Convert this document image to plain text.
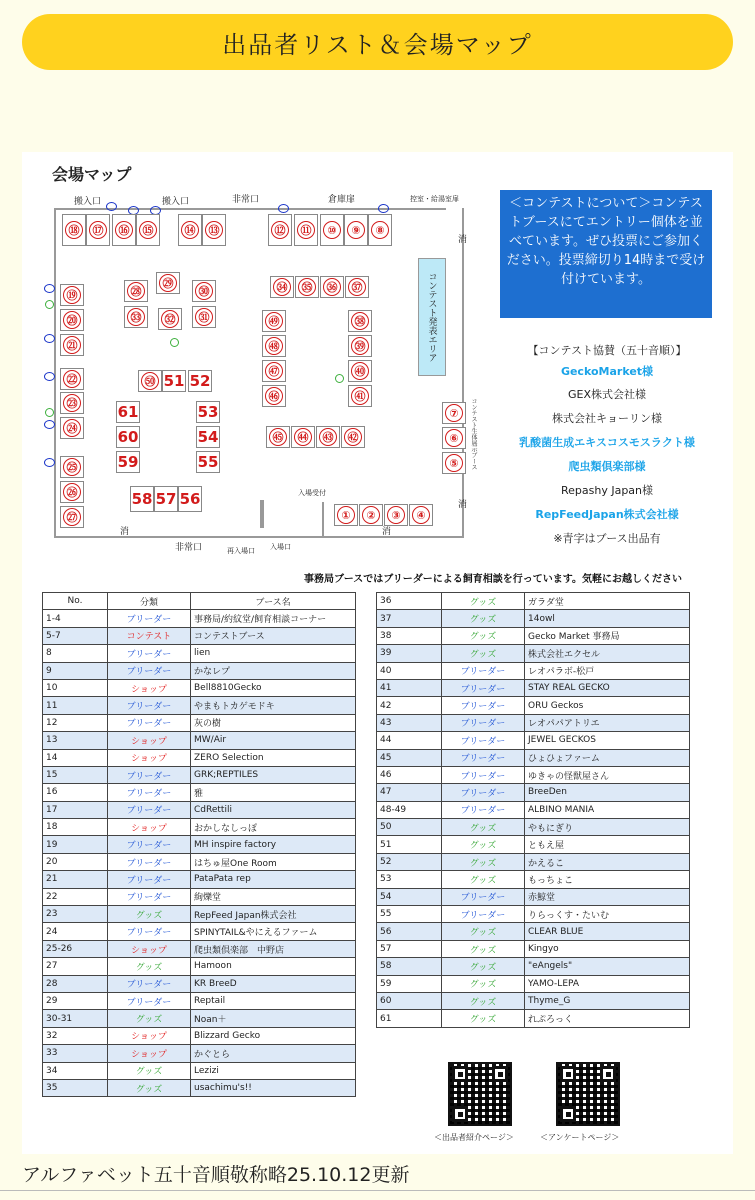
出品者リスト＆会場マップ
会場マップ
搬入口	搬入口	非常口	倉庫扉	控室・給湯室扉
非常口	再入場口 入場口
入場受付
消
消
消	消
コンテスト発表エリア
コンテスト生体展示ブース
⑱	⑰	⑯	⑮	⑭	⑬	⑫	⑪	⑩	⑨	⑧
⑲
⑳
㉑
㉒
㉓
㉔
㉕
㉖
㉗
㉘
㉙
㉚
㉝	㉜	㉛
㉞	㉟	㊱	㊲
㊾
㊽
㊼
㊻
㊳
㊴
㊵
㊶
㊿ 51 52
61
60
59
53
54
55
58 57 56
㊺	㊹	㊸	㊷
⑦
⑥
⑤
①	②	③	④
＜コンテストについて＞コンテストブースにてエントリー個体を並べています。ぜひ投票にご参加ください。投票締切り14時まで受け付けています。
【コンテスト協賛（五十音順）】
GeckoMarket様
GEX株式会社様
株式会社キョーリン様
乳酸菌生成エキスコスモスラクト様
爬虫類倶楽部様
Repashy Japan様
RepFeedJapan株式会社様
※青字はブース出品有
事務局ブースではブリーダーによる飼育相談を行っています。気軽にお越しください
No.	分類	ブース名
1-4	ブリーダー	事務局/約紋堂/飼育相談コーナー
5-7	コンテスト	コンテストブース
8	ブリーダー	lien
9	ブリーダー	かなレプ
10	ショップ	Bell8810Gecko
11	ブリーダー	やまもトカゲモドキ
12	ブリーダー	灰の樹
13	ショップ	MW/Air
14	ショップ	ZERO Selection
15	ブリーダー	GRK;REPTILES
16	ブリーダー	雅
17	ブリーダー	CdRettili
18	ショップ	おかしなしっぽ
19	ブリーダー	MH inspire factory
20	ブリーダー	はちゅ屋One Room
21	ブリーダー	PataPata rep
22	ブリーダー	絢爍堂
23	グッズ	RepFeed Japan株式会社
24	ブリーダー	SPINYTAIL&やにえるファーム
25-26	ショップ	爬虫類倶楽部　中野店
27	グッズ	Hamoon
28	ブリーダー	KR BreeD
29	ブリーダー	Reptail
30-31	グッズ	Noan＋
32	ショップ	Blizzard Gecko
33	ショップ	かぐとら
34	グッズ	Lezizi
35	グッズ	usachimu's!!
36	グッズ	ガラダ堂
37	グッズ	14owl
38	グッズ	Gecko Market 事務局
39	グッズ	株式会社エクセル
40	ブリーダー	レオパラボ-松戸
41	ブリーダー	STAY REAL GECKO
42	ブリーダー	ORU Geckos
43	ブリーダー	レオパパアトリエ
44	ブリーダー	JEWEL GECKOS
45	ブリーダー	ひょひょファーム
46	ブリーダー	ゆきゃの怪獣屋さん
47	ブリーダー	BreeDen
48-49	ブリーダー	ALBINO MANIA
50	グッズ	やもにぎり
51	グッズ	ともえ屋
52	グッズ	かえるこ
53	グッズ	もっちょこ
54	ブリーダー	赤鯨堂
55	ブリーダー	りらっくす・たいむ
56	グッズ	CLEAR BLUE
57	グッズ	Kingyo
58	グッズ	"eAngels"
59	グッズ	YAMO-LEPA
60	グッズ	Thyme_G
61	グッズ	れぷろっく
＜出品者紹介ページ＞	＜アンケートページ＞
アルファベット五十音順敬称略25.10.12更新
